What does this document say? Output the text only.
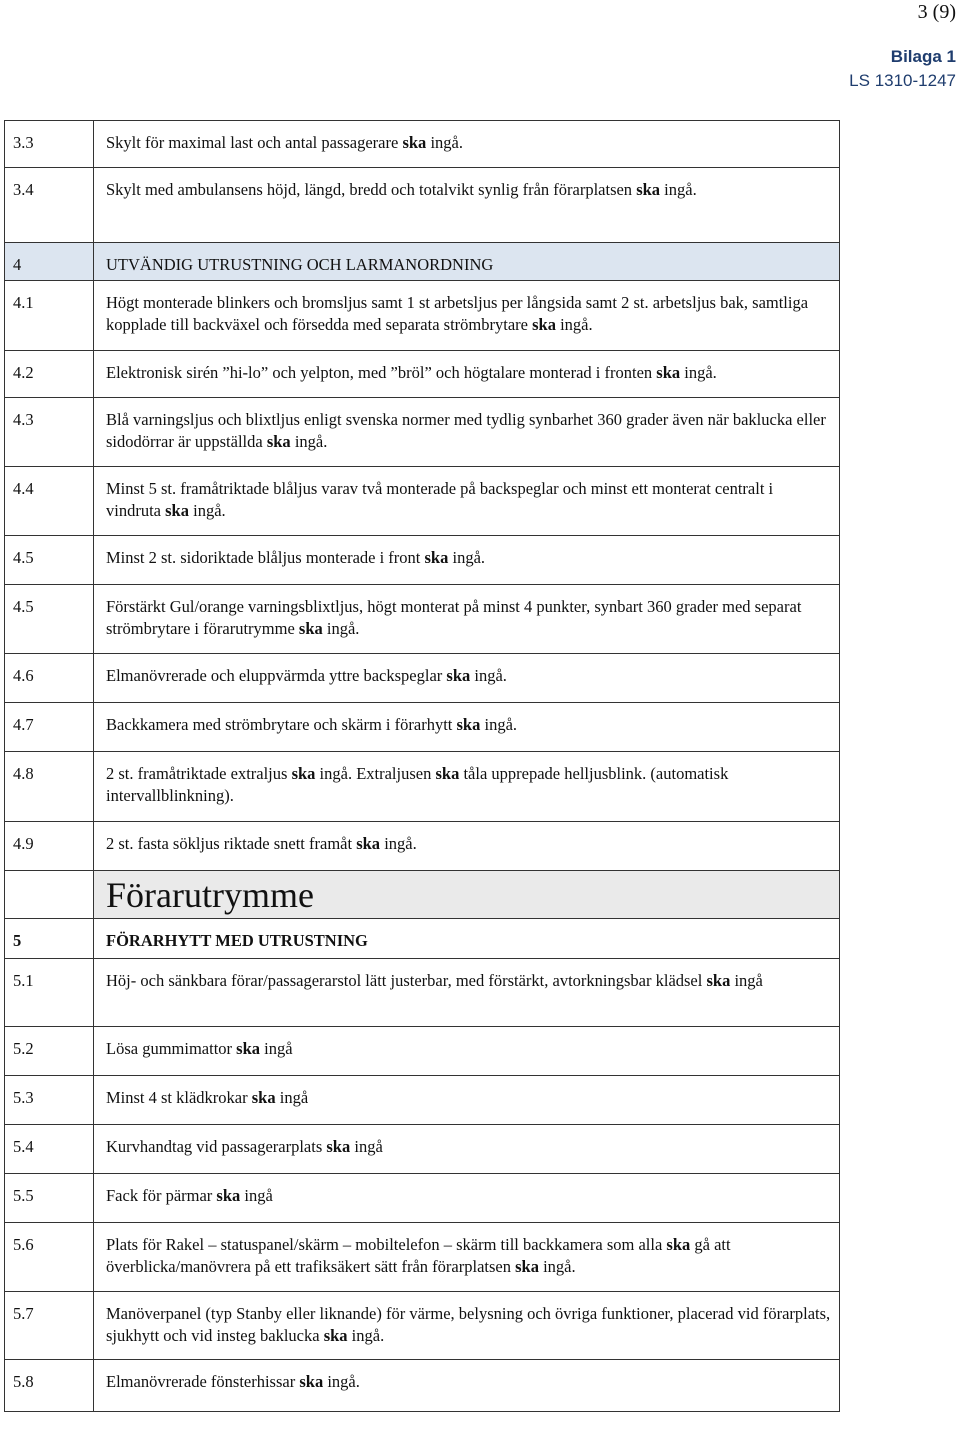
3 (9)
Bilaga 1
LS 1310-1247
3.3	Skylt för maximal last och antal passagerare ska ingå.

3.4	Skylt med ambulansens höjd, längd, bredd och totalvikt synlig från förarplatsen ska ingå.

4	UTVÄNDIG UTRUSTNING OCH LARMANORDNING

4.1	Högt monterade blinkers och bromsljus samt 1 st arbetsljus per långsida samt 2 st. arbetsljus bak, samtliga kopplade till backväxel och försedda med separata strömbrytare ska ingå.

4.2	Elektronisk sirén ”hi-lo” och yelpton, med ”bröl” och högtalare monterad i fronten ska ingå.

4.3	Blå varningsljus och blixtljus enligt svenska normer med tydlig synbarhet 360 grader även när baklucka eller sidodörrar är uppställda ska ingå.

4.4	Minst 5 st. framåtriktade blåljus varav två monterade på backspeglar och minst ett monterat centralt i vindruta ska ingå.

4.5	Minst 2 st. sidoriktade blåljus monterade i front ska ingå.

4.5	Förstärkt Gul/orange varningsblixtljus, högt monterat på minst 4 punkter, synbart 360 grader med separat strömbrytare i förarutrymme ska ingå.

4.6	Elmanövrerade och eluppvärmda yttre backspeglar ska ingå.

4.7	Backkamera med strömbrytare och skärm i förarhytt ska ingå.

4.8	2 st. framåtriktade extraljus ska ingå. Extraljusen ska tåla upprepade helljusblink. (automatisk intervallblinkning).

4.9	2 st. fasta sökljus riktade snett framåt ska ingå.

	Förarutrymme

5	FÖRARHYTT MED UTRUSTNING

5.1	Höj- och sänkbara förar/passagerarstol lätt justerbar, med förstärkt, avtorkningsbar klädsel ska ingå

5.2	Lösa gummimattor ska ingå

5.3	Minst 4 st klädkrokar ska ingå

5.4	Kurvhandtag vid passagerarplats ska ingå

5.5	Fack för pärmar ska ingå

5.6	Plats för Rakel – statuspanel/skärm – mobiltelefon – skärm till backkamera som alla ska gå att överblicka/manövrera på ett trafiksäkert sätt från förarplatsen ska ingå.

5.7	Manöverpanel (typ Stanby eller liknande) för värme, belysning och övriga funktioner, placerad vid förarplats, sjukhytt och vid insteg baklucka ska ingå.

5.8	Elmanövrerade fönsterhissar ska ingå.
